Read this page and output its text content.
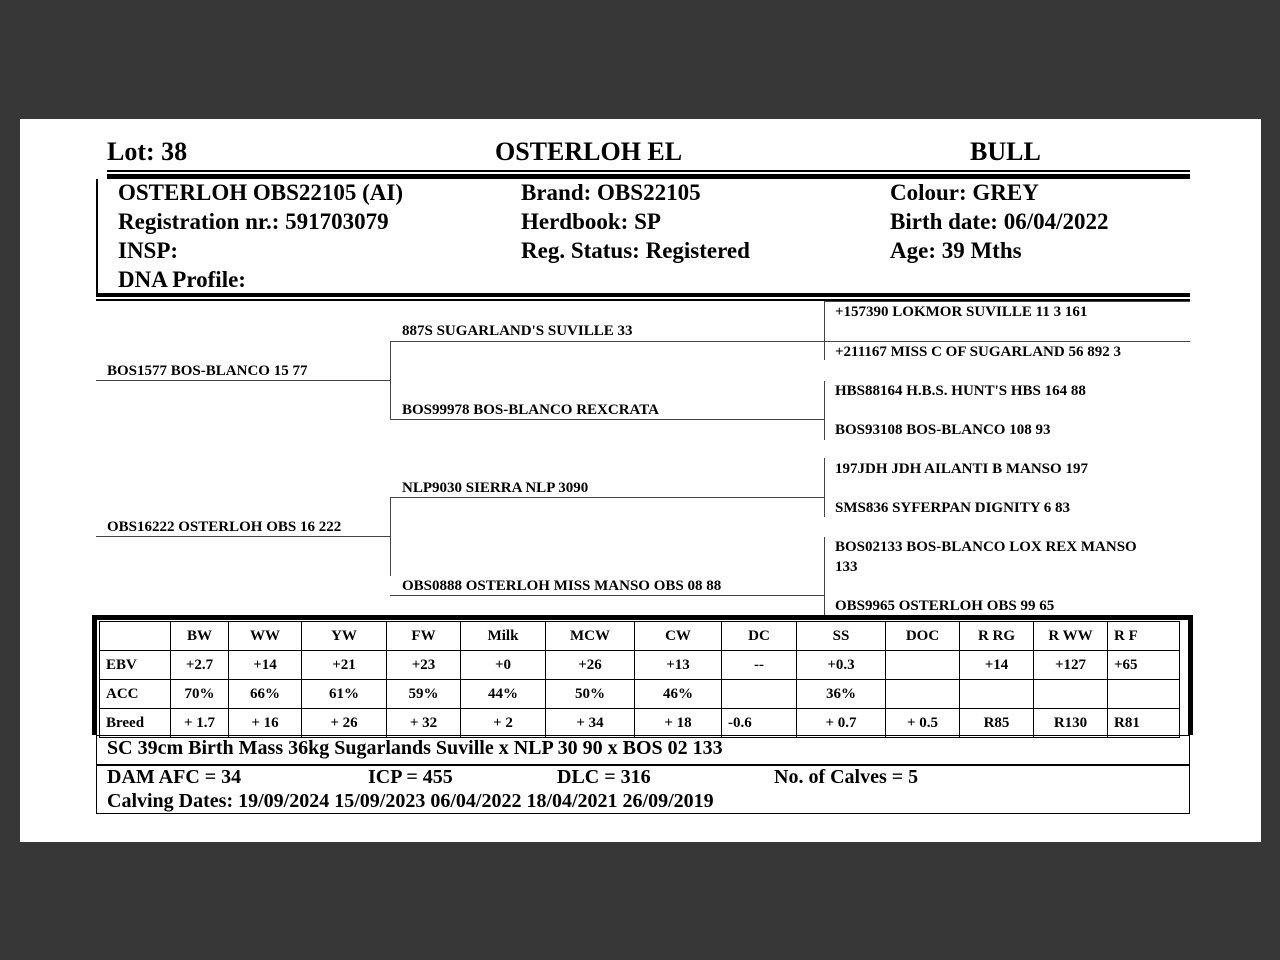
Lot: 38	OSTERLOH EL	BULL
OSTERLOH OBS22105 (AI)
Registration nr.: 591703079
INSP:
DNA Profile:
Brand: OBS22105
Herdbook: SP
Reg. Status: Registered
Colour: GREY
Birth date: 06/04/2022
Age: 39 Mths
BOS1577 BOS-BLANCO 15 77
OBS16222 OSTERLOH OBS 16 222
887S SUGARLAND'S SUVILLE 33
BOS99978 BOS-BLANCO REXCRATA
NLP9030 SIERRA NLP 3090
OBS0888 OSTERLOH MISS MANSO OBS 08 88
+157390 LOKMOR SUVILLE 11 3 161
+211167 MISS C OF SUGARLAND 56 892 3
HBS88164 H.B.S. HUNT'S HBS 164 88
BOS93108 BOS-BLANCO 108 93
197JDH JDH AILANTI B MANSO 197
SMS836 SYFERPAN DIGNITY 6 83
BOS02133 BOS-BLANCO LOX REX MANSO
133
OBS9965 OSTERLOH OBS 99 65
	BW	WW	YW	FW	Milk	MCW	CW	DC	SS	DOC	R RG	R WW	R F
EBV	+2.7	+14	+21	+23	+0	+26	+13	--	+0.3		+14	+127	+65
ACC	70%	66%	61%	59%	44%	50%	46%		36%				
Breed	+ 1.7	+ 16	+ 26	+ 32	+ 2	+ 34	+ 18	-0.6	+ 0.7	+ 0.5	R85	R130	R81
SC 39cm Birth Mass 36kg Sugarlands Suville x NLP 30 90 x BOS 02 133
DAM AFC = 34	ICP = 455	DLC = 316	No. of Calves = 5
Calving Dates: 19/09/2024 15/09/2023 06/04/2022 18/04/2021 26/09/2019
